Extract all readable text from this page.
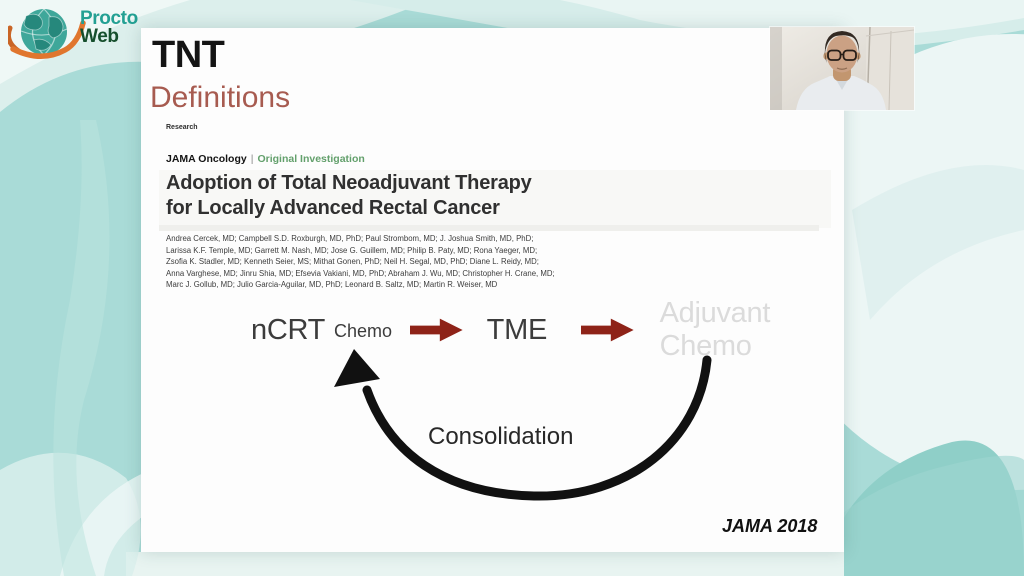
Procto
Web TNT
Definitions
Research
JAMA Oncology | Original Investigation
Adoption of Total Neoadjuvant Therapy
for Locally Advanced Rectal Cancer
Andrea Cercek, MD; Campbell S.D. Roxburgh, MD, PhD; Paul Strombom, MD; J. Joshua Smith, MD, PhD;
Larissa K.F. Temple, MD; Garrett M. Nash, MD; Jose G. Guillem, MD; Philip B. Paty, MD; Rona Yaeger, MD;
Zsofia K. Stadler, MD; Kenneth Seier, MS; Mithat Gonen, PhD; Neil H. Segal, MD, PhD; Diane L. Reidy, MD;
Anna Varghese, MD; Jinru Shia, MD; Efsevia Vakiani, MD, PhD; Abraham J. Wu, MD; Christopher H. Crane, MD;
Marc J. Gollub, MD; Julio Garcia-Aguilar, MD, PhD; Leonard B. Saltz, MD; Martin R. Weiser, MD
nCRT Chemo	TME
Adjuvant Chemo
Consolidation
JAMA 2018
